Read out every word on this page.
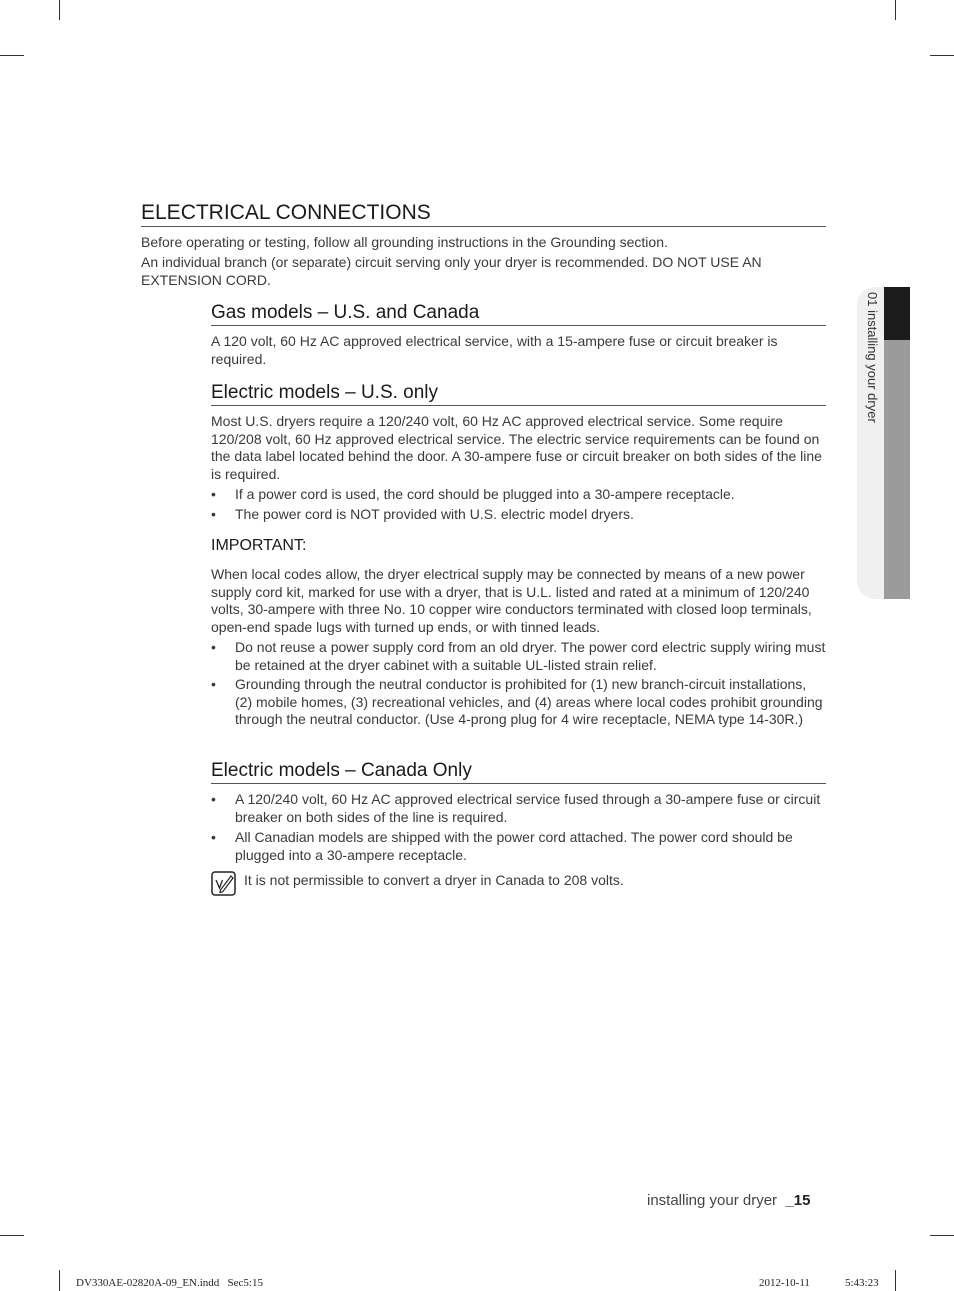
01 installing your dryer
ELECTRICAL CONNECTIONS

Before operating or testing, follow all grounding instructions in the Grounding section.

An individual branch (or separate) circuit serving only your dryer is recommended. DO NOT USE AN EXTENSION CORD.

Gas models – U.S. and Canada

A 120 volt, 60 Hz AC approved electrical service, with a 15-ampere fuse or circuit breaker is required.

Electric models – U.S. only

Most U.S. dryers require a 120/240 volt, 60 Hz AC approved electrical service. Some require 120/208 volt, 60 Hz approved electrical service. The electric service requirements can be found on the data label located behind the door. A 30-ampere fuse or circuit breaker on both sides of the line is required.

• If a power cord is used, the cord should be plugged into a 30-ampere receptacle.
• The power cord is NOT provided with U.S. electric model dryers.
IMPORTANT:

When local codes allow, the dryer electrical supply may be connected by means of a new power supply cord kit, marked for use with a dryer, that is U.L. listed and rated at a minimum of 120/240 volts, 30-ampere with three No. 10 copper wire conductors terminated with closed loop terminals, open-end spade lugs with turned up ends, or with tinned leads.

• Do not reuse a power supply cord from an old dryer. The power cord electric supply wiring must be retained at the dryer cabinet with a suitable UL-listed strain relief.
• Grounding through the neutral conductor is prohibited for (1) new branch-circuit installations, (2) mobile homes, (3) recreational vehicles, and (4) areas where local codes prohibit grounding through the neutral conductor. (Use 4-prong plug for 4 wire receptacle, NEMA type 14-30R.)
Electric models – Canada Only
• A 120/240 volt, 60 Hz AC approved electrical service fused through a 30-ampere fuse or circuit breaker on both sides of the line is required.
• All Canadian models are shipped with the power cord attached. The power cord should be plugged into a 30-ampere receptacle.

It is not permissible to convert a dryer in Canada to 208 volts.

installing your dryer _15
DV330AE-02820A-09_EN.indd   Sec5:15	2012-10-11	5:43:23
